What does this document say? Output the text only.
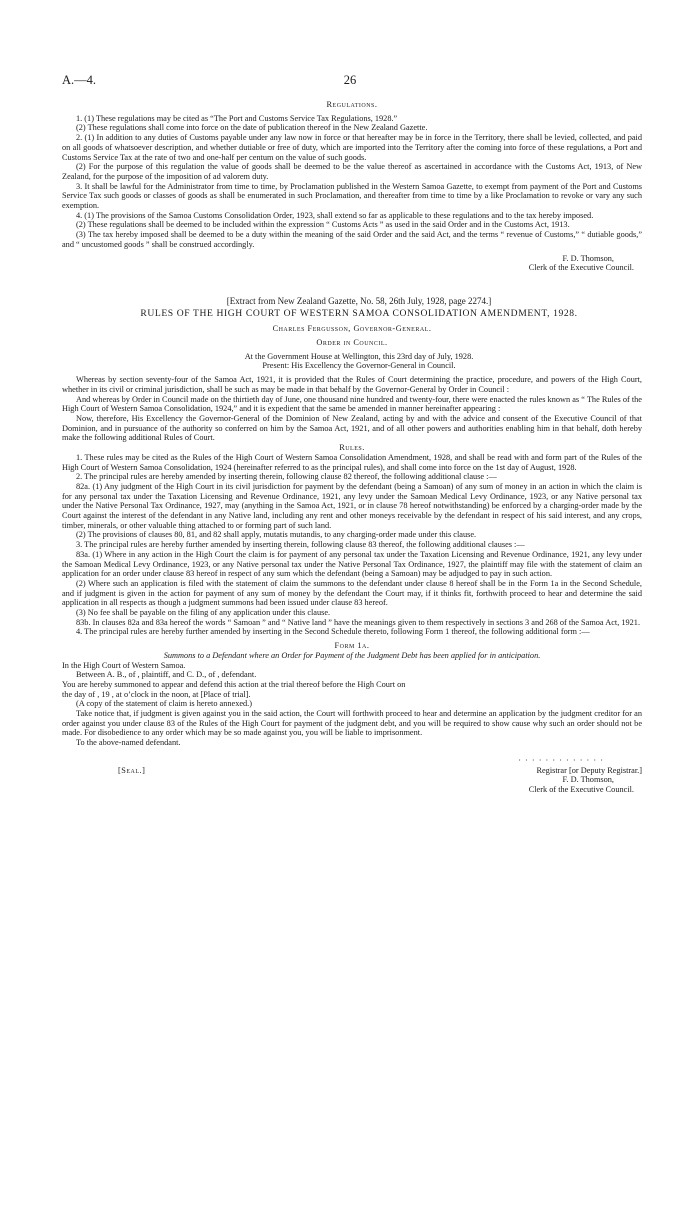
A.—4.	26

Regulations.

1. (1) These regulations may be cited as “The Port and Customs Service Tax Regulations, 1928.”

(2) These regulations shall come into force on the date of publication thereof in the New Zealand Gazette.

2. (1) In addition to any duties of Customs payable under any law now in force or that hereafter may be in force in the Territory, there shall be levied, collected, and paid on all goods of whatsoever description, and whether dutiable or free of duty, which are imported into the Territory after the coming into force of these regulations, a Port and Customs Service Tax at the rate of two and one-half per centum on the value of such goods.

(2) For the purpose of this regulation the value of goods shall be deemed to be the value thereof as ascertained in accordance with the Customs Act, 1913, of New Zealand, for the purpose of the imposition of ad valorem duty.

3. It shall be lawful for the Administrator from time to time, by Proclamation published in the Western Samoa Gazette, to exempt from payment of the Port and Customs Service Tax such goods or classes of goods as shall be enumerated in such Proclamation, and thereafter from time to time by a like Proclamation to revoke or vary any such exemption.

4. (1) The provisions of the Samoa Customs Consolidation Order, 1923, shall extend so far as applicable to these regulations and to the tax hereby imposed.

(2) These regulations shall be deemed to be included within the expression “ Customs Acts ” as used in the said Order and in the Customs Act, 1913.

(3) The tax hereby imposed shall be deemed to be a duty within the meaning of the said Order and the said Act, and the terms “ revenue of Customs,” “ dutiable goods,” and “ uncustomed goods ” shall be construed accordingly.

F. D. Thomson,

Clerk of the Executive Council.

[Extract from New Zealand Gazette, No. 58, 26th July, 1928, page 2274.]

RULES OF THE HIGH COURT OF WESTERN SAMOA CONSOLIDATION AMENDMENT, 1928.

Charles Fergusson, Governor-General.

Order in Council.

At the Government House at Wellington, this 23rd day of July, 1928.

Present: His Excellency the Governor-General in Council.

Whereas by section seventy-four of the Samoa Act, 1921, it is provided that the Rules of Court determining the practice, procedure, and powers of the High Court, whether in its civil or criminal jurisdiction, shall be such as may be made in that behalf by the Governor-General by Order in Council :

And whereas by Order in Council made on the thirtieth day of June, one thousand nine hundred and twenty-four, there were enacted the rules known as “ The Rules of the High Court of Western Samoa Consolidation, 1924,” and it is expedient that the same be amended in manner hereinafter appearing :

Now, therefore, His Excellency the Governor-General of the Dominion of New Zealand, acting by and with the advice and consent of the Executive Council of that Dominion, and in pursuance of the authority so conferred on him by the Samoa Act, 1921, and of all other powers and authorities enabling him in that behalf, doth hereby make the following additional Rules of Court.

Rules.

1. These rules may be cited as the Rules of the High Court of Western Samoa Consolidation Amendment, 1928, and shall be read with and form part of the Rules of the High Court of Western Samoa Consolidation, 1924 (hereinafter referred to as the principal rules), and shall come into force on the 1st day of August, 1928.

2. The principal rules are hereby amended by inserting therein, following clause 82 thereof, the following additional clause :—

82a. (1) Any judgment of the High Court in its civil jurisdiction for payment by the defendant (being a Samoan) of any sum of money in an action in which the claim is for any personal tax under the Taxation Licensing and Revenue Ordinance, 1921, any levy under the Samoan Medical Levy Ordinance, 1923, or any Native personal tax under the Native Personal Tax Ordinance, 1927, may (anything in the Samoa Act, 1921, or in clause 78 hereof notwithstanding) be enforced by a charging-order made by the Court against the interest of the defendant in any Native land, including any rent and other moneys receivable by the defendant in respect of his said interest, and any crops, timber, minerals, or other valuable thing attached to or forming part of such land.

(2) The provisions of clauses 80, 81, and 82 shall apply, mutatis mutandis, to any charging-order made under this clause.

3. The principal rules are hereby further amended by inserting therein, following clause 83 thereof, the following additional clauses :—

83a. (1) Where in any action in the High Court the claim is for payment of any personal tax under the Taxation Licensing and Revenue Ordinance, 1921, any levy under the Samoan Medical Levy Ordinance, 1923, or any Native personal tax under the Native Personal Tax Ordinance, 1927, the plaintiff may file with the statement of claim an application for an order under clause 83 hereof in respect of any sum which the defendant (being a Samoan) may be adjudged to pay in such action.

(2) Where such an application is filed with the statement of claim the summons to the defendant under clause 8 hereof shall be in the Form 1a in the Second Schedule, and if judgment is given in the action for payment of any sum of money by the defendant the Court may, if it thinks fit, forthwith proceed to hear and determine the said application in all respects as though a judgment summons had been issued under clause 83 hereof.

(3) No fee shall be payable on the filing of any application under this clause.

83b. In clauses 82a and 83a hereof the words “ Samoan ” and “ Native land ” have the meanings given to them respectively in sections 3 and 268 of the Samoa Act, 1921.

4. The principal rules are hereby further amended by inserting in the Second Schedule thereto, following Form 1 thereof, the following additional form :—

Form 1a.

Summons to a Defendant where an Order for Payment of the Judgment Debt has been applied for in anticipation.

In the High Court of Western Samoa.

Between A. B., of , plaintiff, and C. D., of , defendant.

You are hereby summoned to appear and defend this action at the trial thereof before the High Court on

the day of , 19 , at o’clock in the noon, at [Place of trial].

(A copy of the statement of claim is hereto annexed.)

Take notice that, if judgment is given against you in the said action, the Court will forthwith proceed to hear and determine an application by the judgment creditor for an order against you under clause 83 of the Rules of the High Court for payment of the judgment debt, and you will be required to show cause why such an order should not be made. For disobedience to any order which may be so made against you, you will be liable to imprisonment.

To the above-named defendant.

· · · · · · · · · · · · ·

[Seal.]	Registrar [or Deputy Registrar.]

F. D. Thomson,

Clerk of the Executive Council.
